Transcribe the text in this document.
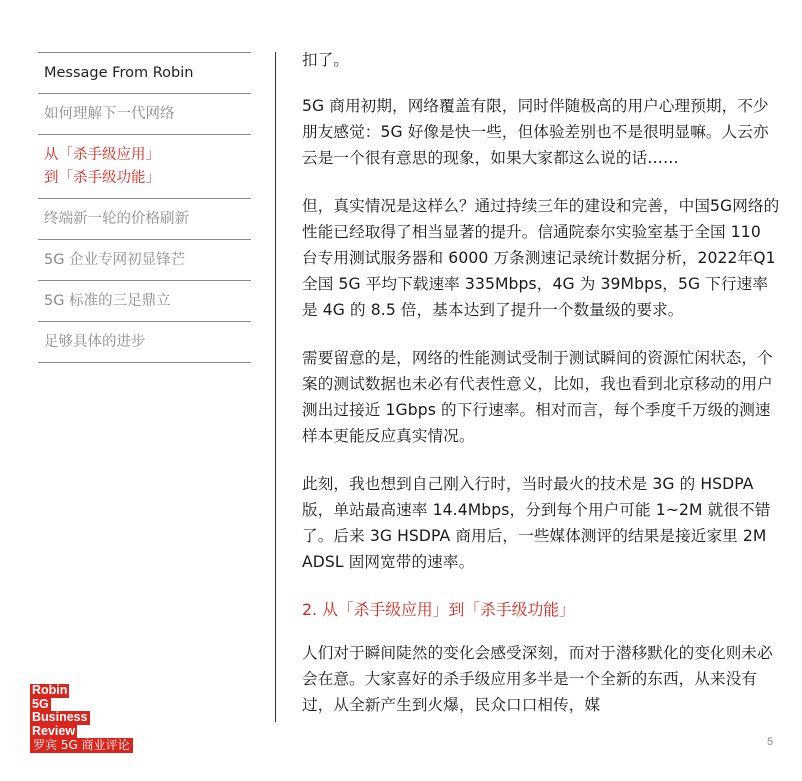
Message From Robin
如何理解下一代网络
从「杀手级应用」
到「杀手级功能」
终端新一轮的价格刷新
5G 企业专网初显锋芒
5G 标准的三足鼎立
足够具体的进步

扣了。

5G 商用初期，网络覆盖有限，同时伴随极高的用户心理预期，不少朋友感觉：5G 好像是快一些，但体验差别也不是很明显嘛。人云亦云是一个很有意思的现象，如果大家都这么说的话……

但，真实情况是这样么？通过持续三年的建设和完善，中国5G网络的性能已经取得了相当显著的提升。信通院泰尔实验室基于全国 110 台专用测试服务器和 6000 万条测速记录统计数据分析，2022年Q1全国 5G 平均下载速率 335Mbps，4G 为 39Mbps，5G 下行速率是 4G 的 8.5 倍，基本达到了提升一个数量级的要求。

需要留意的是，网络的性能测试受制于测试瞬间的资源忙闲状态，个案的测试数据也未必有代表性意义，比如，我也看到北京移动的用户测出过接近 1Gbps 的下行速率。相对而言，每个季度千万级的测速样本更能反应真实情况。

此刻，我也想到自己刚入行时，当时最火的技术是 3G 的 HSDPA 版，单站最高速率 14.4Mbps，分到每个用户可能 1~2M 就很不错了。后来 3G HSDPA 商用后，一些媒体测评的结果是接近家里 2M ADSL 固网宽带的速率。

2. 从「杀手级应用」到「杀手级功能」

人们对于瞬间陡然的变化会感受深刻，而对于潜移默化的变化则未必会在意。大家喜好的杀手级应用多半是一个全新的东西，从来没有过，从全新产生到火爆，民众口口相传，媒

Robin
5G
Business
Review
罗宾 5G 商业评论	5
